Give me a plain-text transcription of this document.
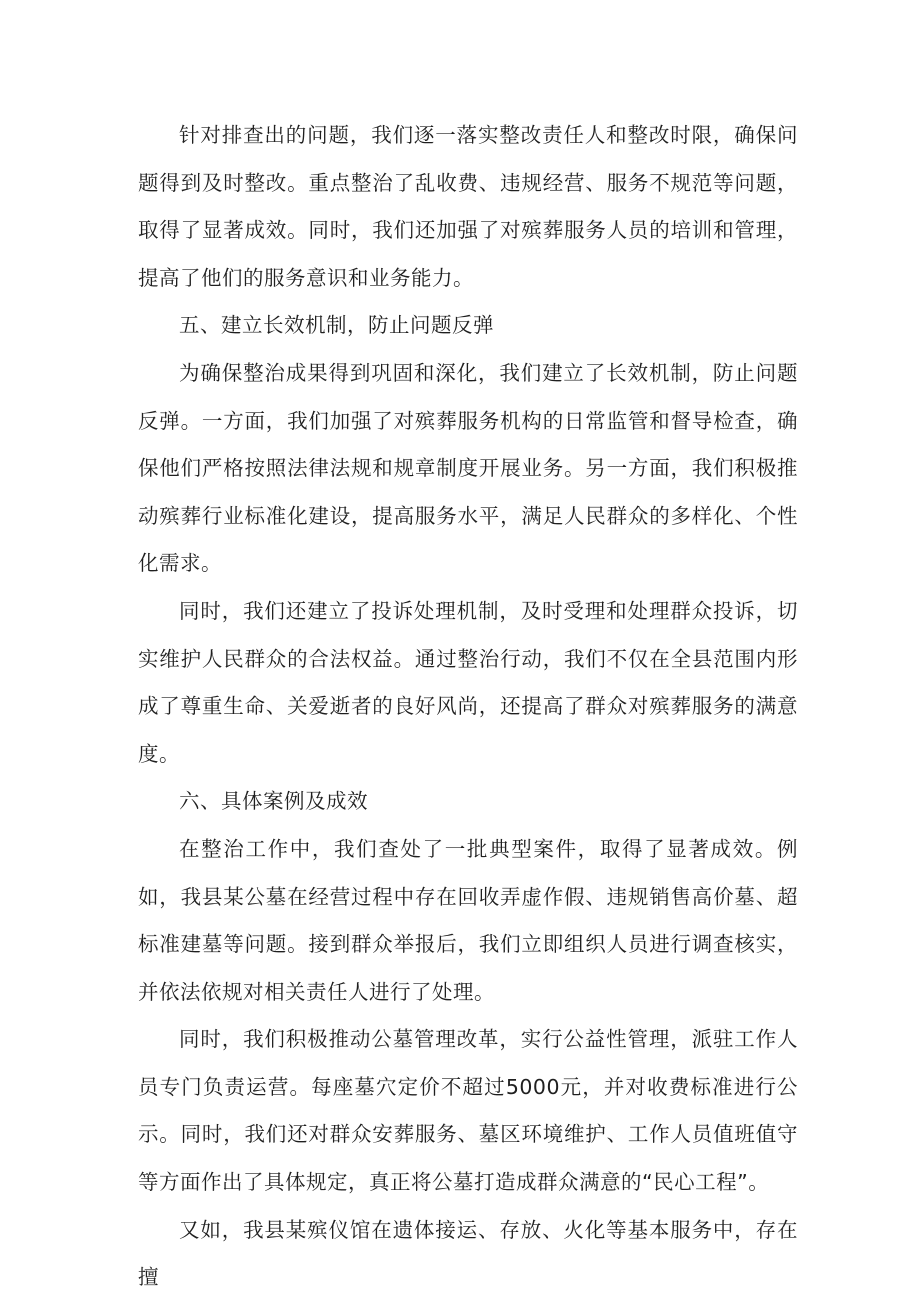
针对排查出的问题，我们逐一落实整改责任人和整改时限，确保问题得到及时整改。重点整治了乱收费、违规经营、服务不规范等问题，取得了显著成效。同时，我们还加强了对殡葬服务人员的培训和管理，提高了他们的服务意识和业务能力。

五、建立长效机制，防止问题反弹

为确保整治成果得到巩固和深化，我们建立了长效机制，防止问题反弹。一方面，我们加强了对殡葬服务机构的日常监管和督导检查，确保他们严格按照法律法规和规章制度开展业务。另一方面，我们积极推动殡葬行业标准化建设，提高服务水平，满足人民群众的多样化、个性化需求。

同时，我们还建立了投诉处理机制，及时受理和处理群众投诉，切实维护人民群众的合法权益。通过整治行动，我们不仅在全县范围内形成了尊重生命、关爱逝者的良好风尚，还提高了群众对殡葬服务的满意度。

六、具体案例及成效

在整治工作中，我们查处了一批典型案件，取得了显著成效。例如，我县某公墓在经营过程中存在回收弄虚作假、违规销售高价墓、超标准建墓等问题。接到群众举报后，我们立即组织人员进行调查核实，并依法依规对相关责任人进行了处理。

同时，我们积极推动公墓管理改革，实行公益性管理，派驻工作人员专门负责运营。每座墓穴定价不超过5000元，并对收费标准进行公示。同时，我们还对群众安葬服务、墓区环境维护、工作人员值班值守等方面作出了具体规定，真正将公墓打造成群众满意的“民心工程”。

又如，我县某殡仪馆在遗体接运、存放、火化等基本服务中，存在擅
